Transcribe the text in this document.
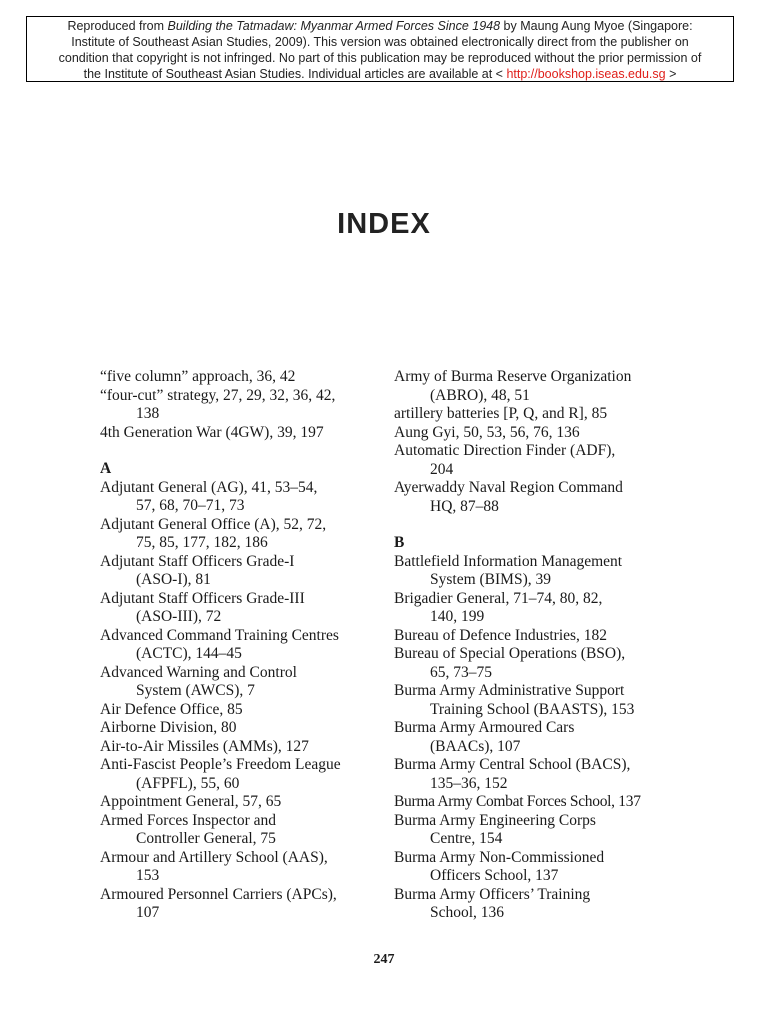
Reproduced from Building the Tatmadaw: Myanmar Armed Forces Since 1948 by Maung Aung Myoe (Singapore:
Institute of Southeast Asian Studies, 2009). This version was obtained electronically direct from the publisher on
condition that copyright is not infringed. No part of this publication may be reproduced without the prior permission of
the Institute of Southeast Asian Studies. Individual articles are available at < http://bookshop.iseas.edu.sg >
INDEX
“five column” approach, 36, 42
“four-cut” strategy, 27, 29, 32, 36, 42,
138
4th Generation War (4GW), 39, 197
A
Adjutant General (AG), 41, 53–54,
57, 68, 70–71, 73
Adjutant General Office (A), 52, 72,
75, 85, 177, 182, 186
Adjutant Staff Officers Grade-I
(ASO-I), 81
Adjutant Staff Officers Grade-III
(ASO-III), 72
Advanced Command Training Centres
(ACTC), 144–45
Advanced Warning and Control
System (AWCS), 7
Air Defence Office, 85
Airborne Division, 80
Air-to-Air Missiles (AMMs), 127
Anti-Fascist People’s Freedom League
(AFPFL), 55, 60
Appointment General, 57, 65
Armed Forces Inspector and
Controller General, 75
Armour and Artillery School (AAS),
153
Armoured Personnel Carriers (APCs),
107
Army of Burma Reserve Organization
(ABRO), 48, 51
artillery batteries [P, Q, and R], 85
Aung Gyi, 50, 53, 56, 76, 136
Automatic Direction Finder (ADF),
204
Ayerwaddy Naval Region Command
HQ, 87–88
B
Battlefield Information Management
System (BIMS), 39
Brigadier General, 71–74, 80, 82,
140, 199
Bureau of Defence Industries, 182
Bureau of Special Operations (BSO),
65, 73–75
Burma Army Administrative Support
Training School (BAASTS), 153
Burma Army Armoured Cars
(BAACs), 107
Burma Army Central School (BACS),
135–36, 152
Burma Army Combat Forces School, 137
Burma Army Engineering Corps
Centre, 154
Burma Army Non-Commissioned
Officers School, 137
Burma Army Officers’ Training
School, 136
247
